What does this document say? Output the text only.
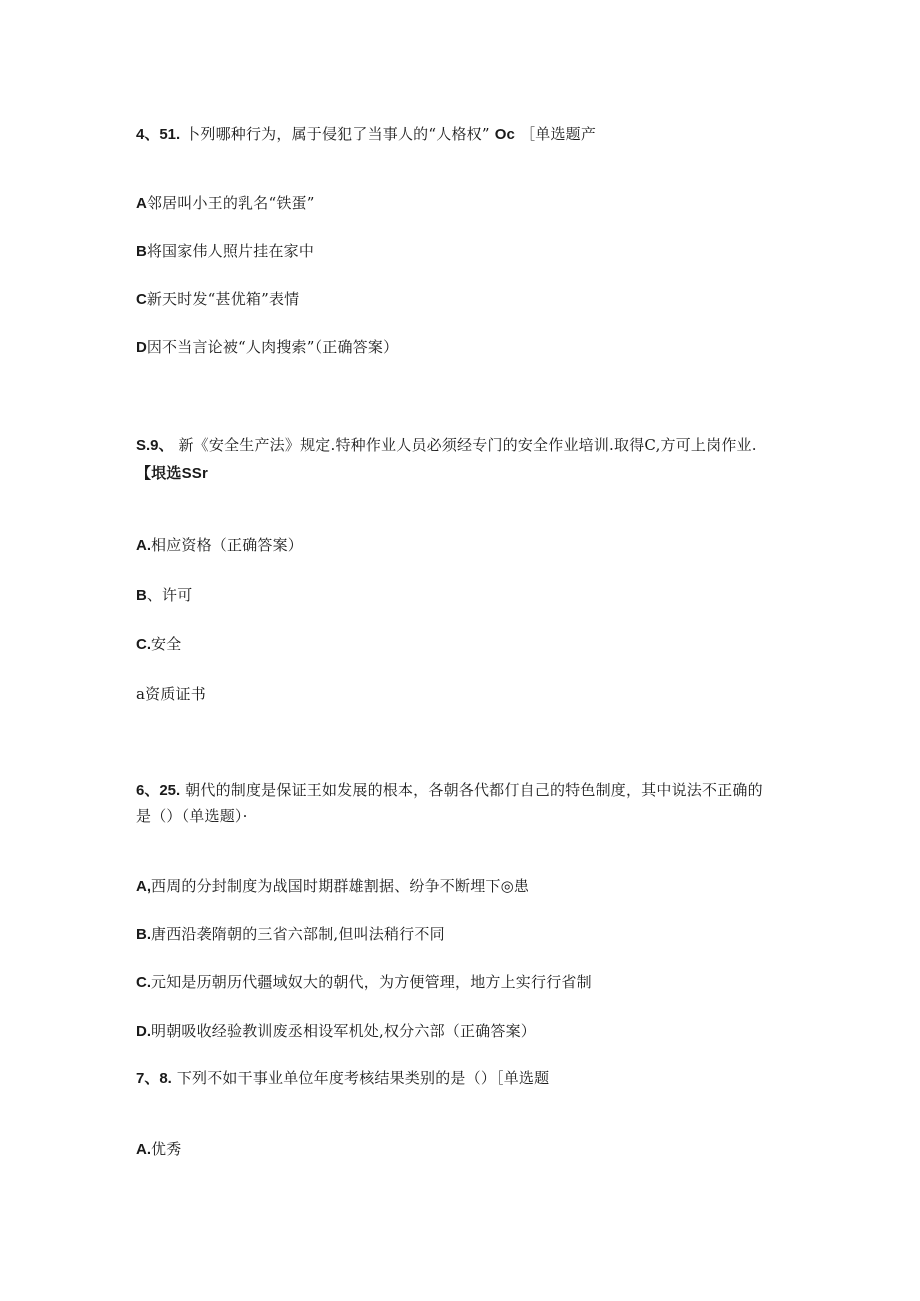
4、51. 卜列哪种行为，属于侵犯了当事人的“人格权” Oc ［单选题产
A邻居叫小王的乳名“铁蛋”
B将国家伟人照片挂在家中
C新天时发“甚优箱”表情
D因不当言论被“人肉搜索”（正确答案）
S.9、 新《安全生产法》规定.特种作业人员必须经专门的安全作业培训.取得C,方可上岗作业.
【垠选SSr
A.相应资格（正确答案）
B、许可
C.安全
a资质证书
6、25. 朝代的制度是保证王如发展的根本，各朝各代都仃自己的特色制度，其中说法不正确的
是（）（单选题）·
A,西周的分封制度为战国时期群雄割据、纷争不断埋下◎患
B.唐西沿袭隋朝的三省六部制,但叫法稍行不同
C.元知是历朝历代疆域奴大的朝代，为方便管理，地方上实行行省制
D.明朝吸收经验教训废丞相设军机处,权分六部（正确答案）
7、8. 下列不如干事业单位年度考核结果类别的是（）［单选题
A.优秀
